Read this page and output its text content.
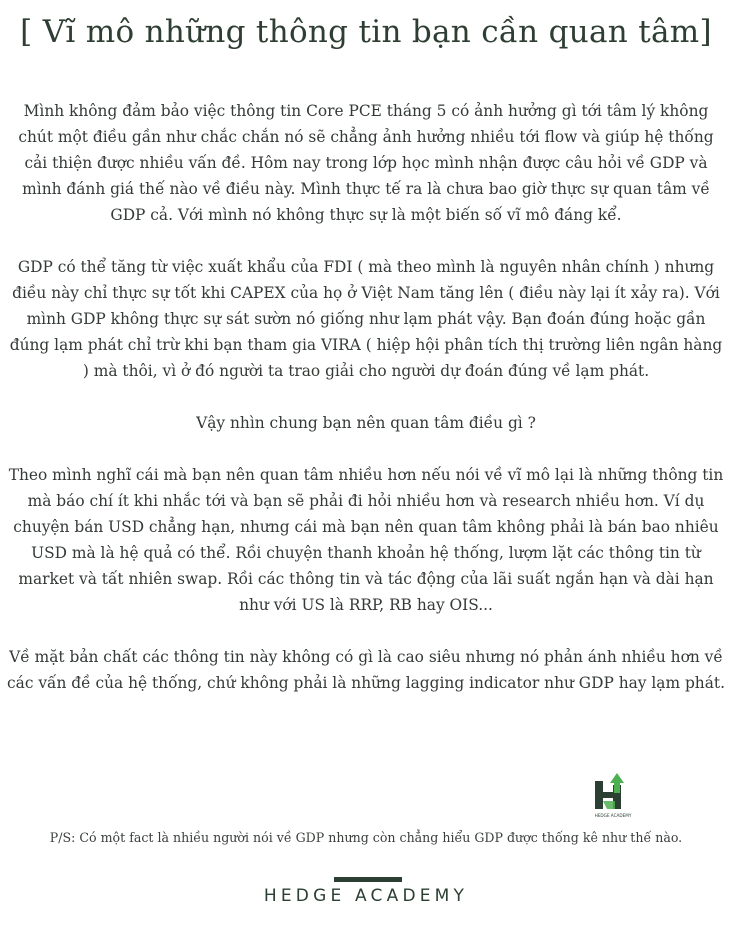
[ Vĩ mô những thông tin bạn cần quan tâm]

Mình không đảm bảo việc thông tin Core PCE tháng 5 có ảnh hưởng gì tới tâm lý không chút một điều gần như chắc chắn nó sẽ chẳng ảnh hưởng nhiều tới flow và giúp hệ thống cải thiện được nhiều vấn đề. Hôm nay trong lớp học mình nhận được câu hỏi về GDP và mình đánh giá thế nào về điều này. Mình thực tế ra là chưa bao giờ thực sự quan tâm về GDP cả. Với mình nó không thực sự là một biến số vĩ mô đáng kể.

GDP có thể tăng từ việc xuất khẩu của FDI ( mà theo mình là nguyên nhân chính ) nhưng điều này chỉ thực sự tốt khi CAPEX của họ ở Việt Nam tăng lên ( điều này lại ít xảy ra). Với mình GDP không thực sự sát sườn nó giống như lạm phát vậy. Bạn đoán đúng hoặc gần đúng lạm phát chỉ trừ khi bạn tham gia VIRA ( hiệp hội phân tích thị trường liên ngân hàng ) mà thôi, vì ở đó người ta trao giải cho người dự đoán đúng về lạm phát.

Vậy nhìn chung bạn nên quan tâm điều gì ?

Theo mình nghĩ cái mà bạn nên quan tâm nhiều hơn nếu nói về vĩ mô lại là những thông tin mà báo chí ít khi nhắc tới và bạn sẽ phải đi hỏi nhiều hơn và research nhiều hơn. Ví dụ chuyện bán USD chẳng hạn, nhưng cái mà bạn nên quan tâm không phải là bán bao nhiêu USD mà là hệ quả có thể. Rồi chuyện thanh khoản hệ thống, lượm lặt các thông tin từ market và tất nhiên swap. Rồi các thông tin và tác động của lãi suất ngắn hạn và dài hạn như với US là RRP, RB hay OIS...

Về mặt bản chất các thông tin này không có gì là cao siêu nhưng nó phản ánh nhiều hơn về các vấn đề của hệ thống, chứ không phải là những lagging indicator như GDP hay lạm phát.

HEDGE ACADEMY
P/S: Có một fact là nhiều người nói về GDP nhưng còn chẳng hiểu GDP được thống kê như thế nào.
HEDGE ACADEMY
